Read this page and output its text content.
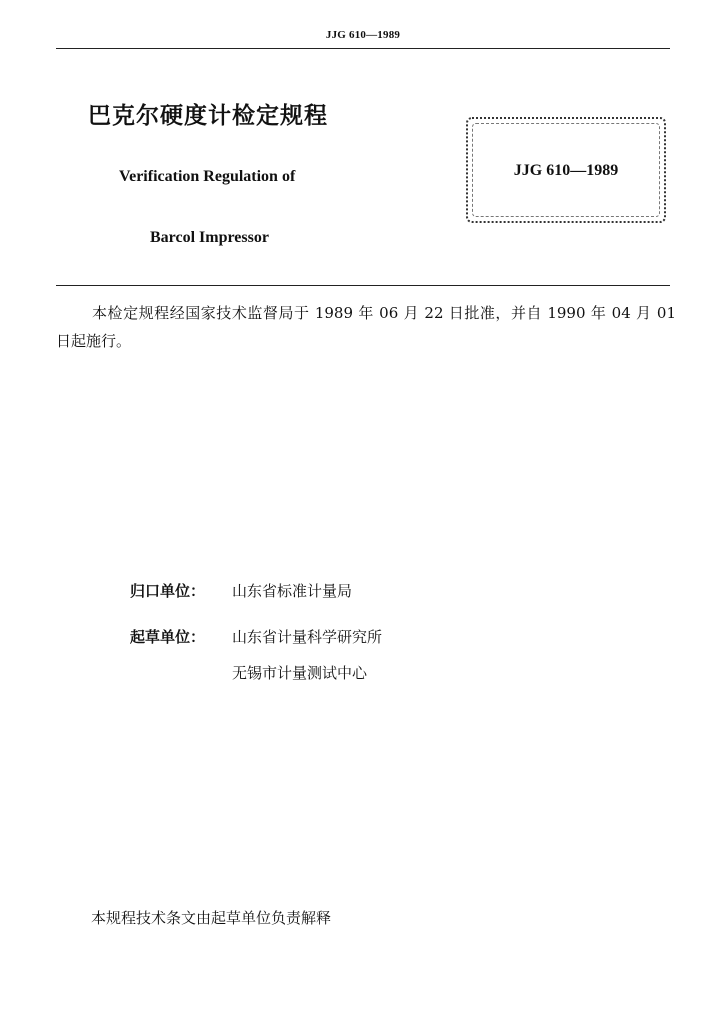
JJG 610—1989
巴克尔硬度计检定规程
Verification Regulation of
Barcol Impressor
JJG 610—1989
本检定规程经国家技术监督局于 1989 年 06 月 22 日批准，并自 1990 年 04 月 01 日起施行。
归口单位： 山东省标准计量局
起草单位： 山东省计量科学研究所
无锡市计量测试中心
本规程技术条文由起草单位负责解释
